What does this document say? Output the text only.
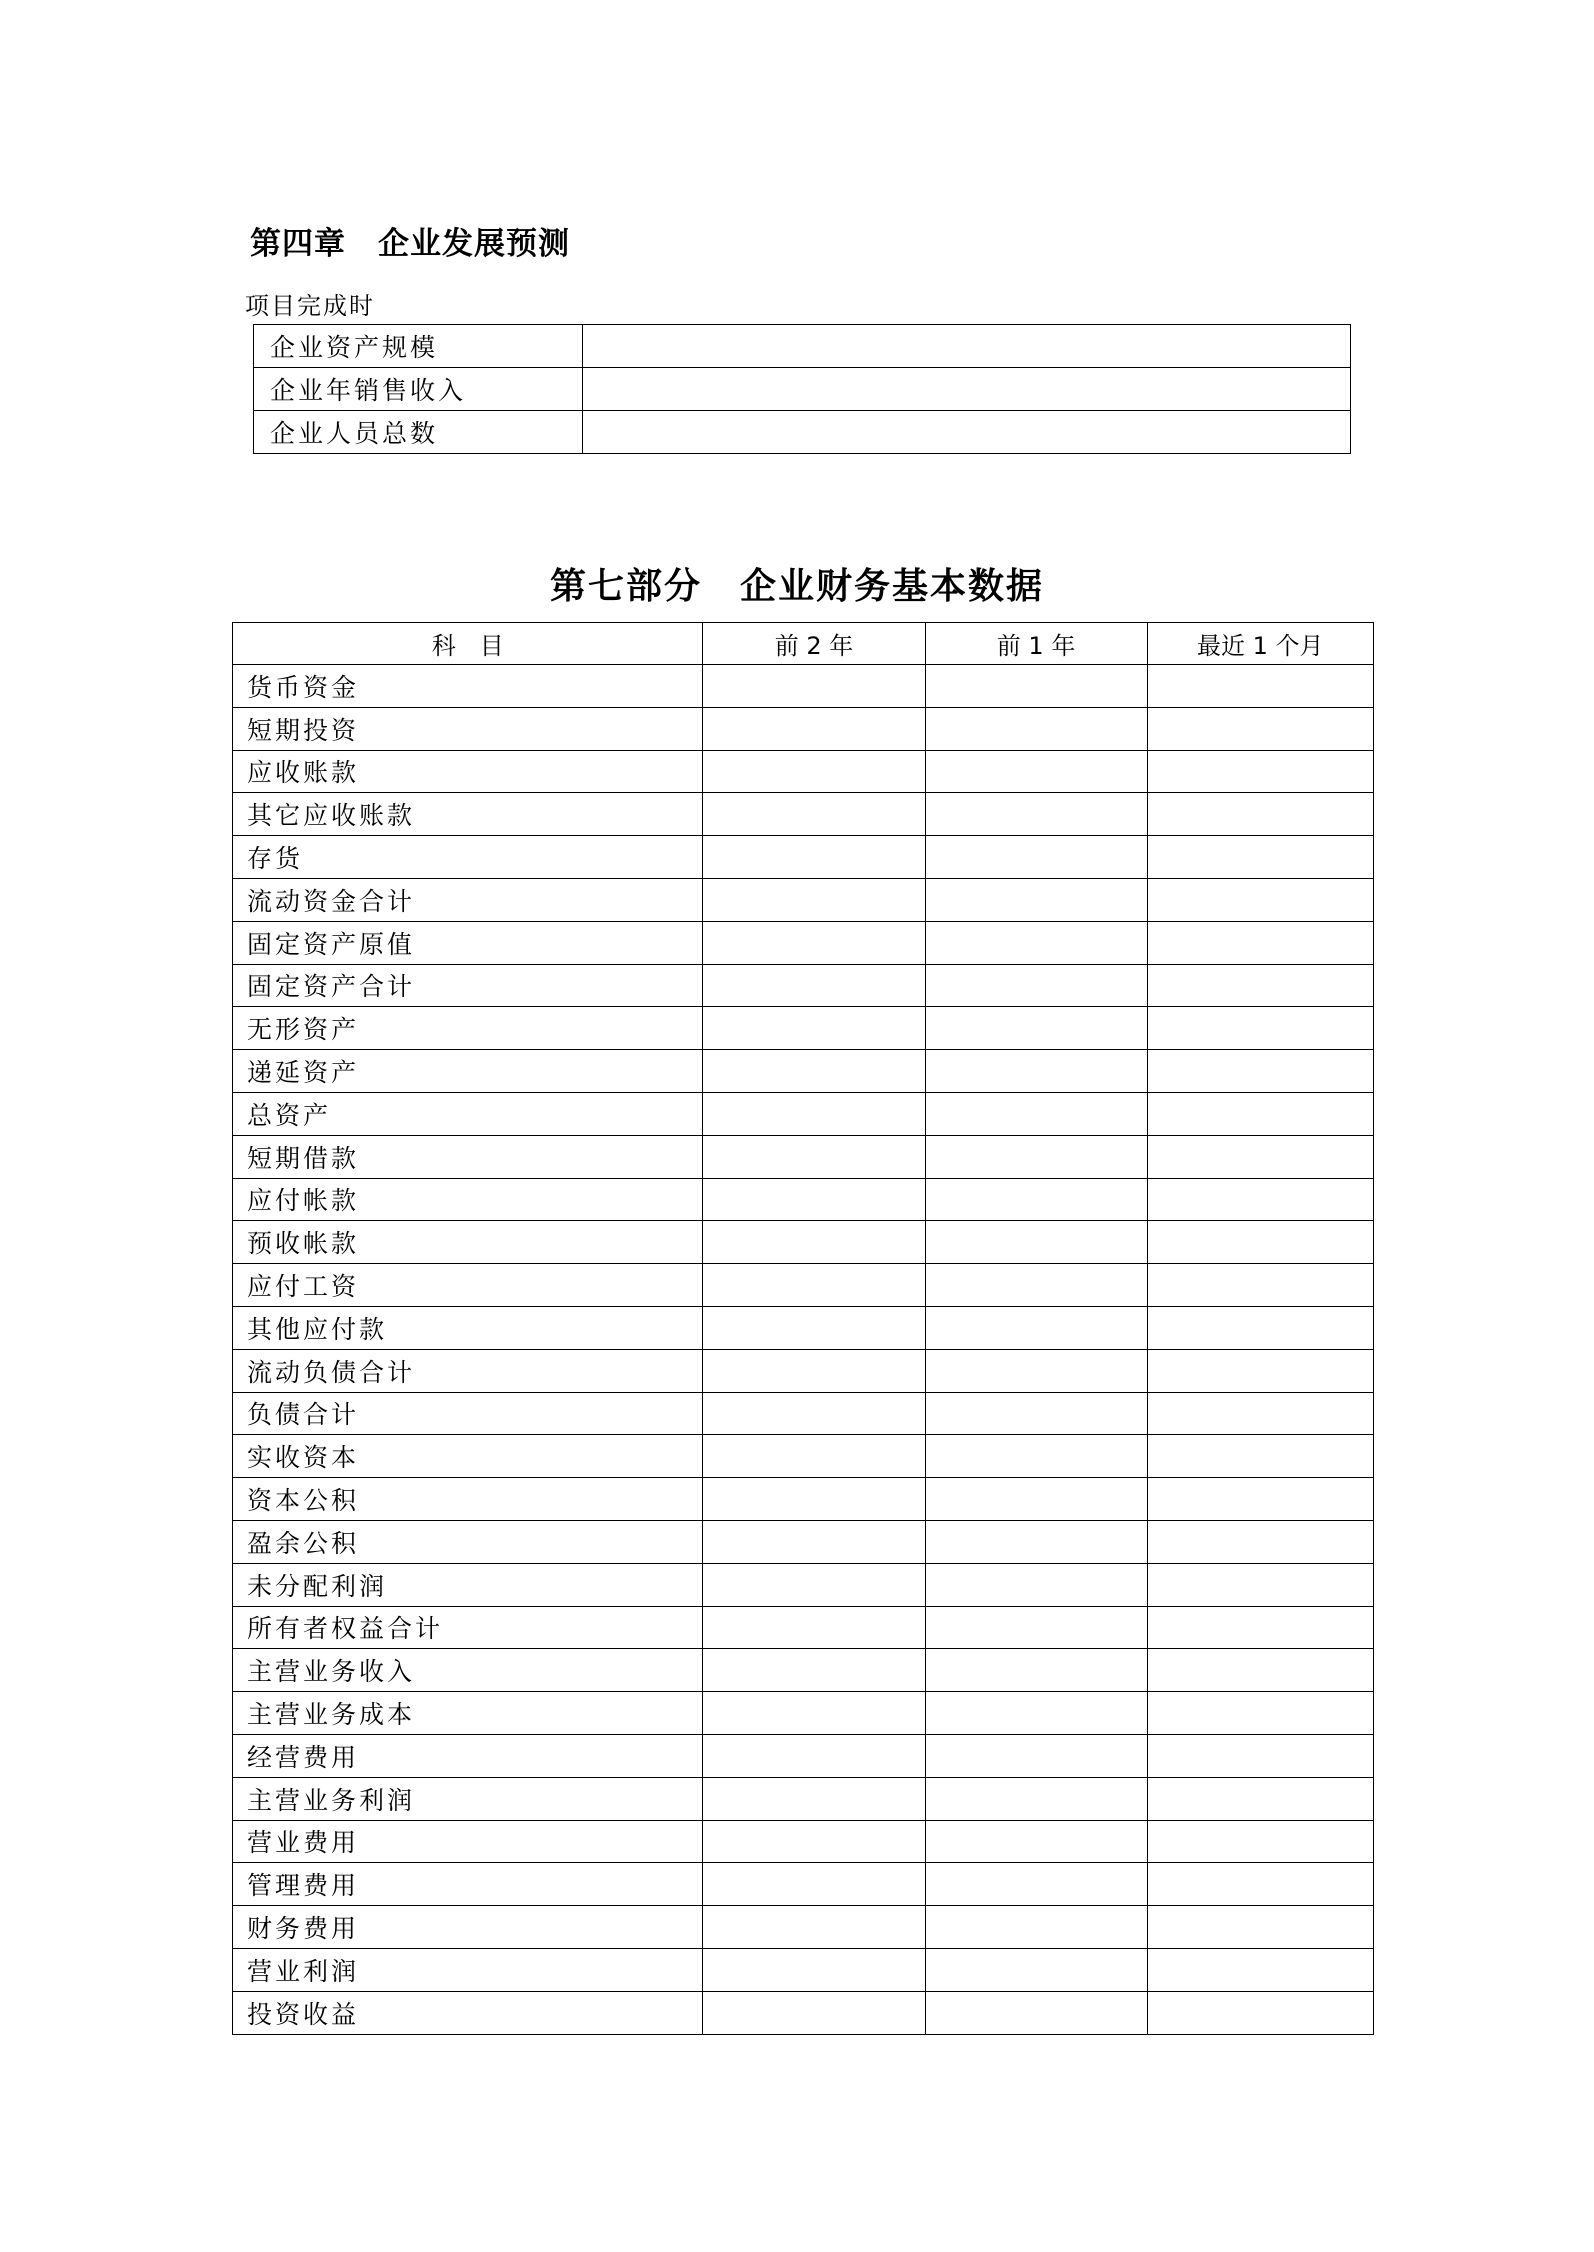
第四章　企业发展预测

项目完成时

企业资产规模	
企业年销售收入	
企业人员总数	
第七部分　企业财务基本数据
科　目	前 2 年	前 1 年	最近 1 个月
货币资金			
短期投资			
应收账款			
其它应收账款			
存货			
流动资金合计			
固定资产原值			
固定资产合计			
无形资产			
递延资产			
总资产			
短期借款			
应付帐款			
预收帐款			
应付工资			
其他应付款			
流动负债合计			
负债合计			
实收资本			
资本公积			
盈余公积			
未分配利润			
所有者权益合计			
主营业务收入			
主营业务成本			
经营费用			
主营业务利润			
营业费用			
管理费用			
财务费用			
营业利润			
投资收益			
